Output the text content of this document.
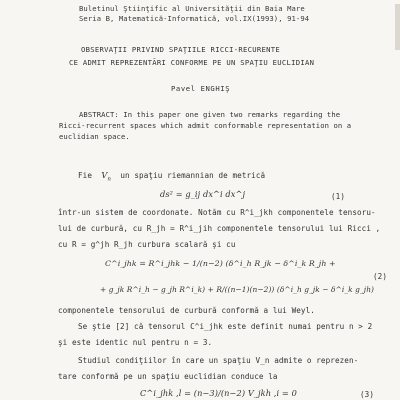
Buletinul Ştiinţific al Universităţii din Baia Mare
Seria B, Matematică-Informatică, vol.IX(1993), 91-94
OBSERVAŢII PRIVIND SPAŢIILE RICCI-RECURENTE
CE ADMIT REPREZENTĂRI CONFORME PE UN SPAŢIU EUCLIDIAN
Pavel ENGHIŞ
ABSTRACT: In this paper one given two remarks regarding the
Ricci-recurrent spaces which admit conformable representation on a
euclidian space.
Fie $V_n$ un spaţiu riemannian de metrică
ds² = g_ij dx^i dx^j	(1)
într-un sistem de coordonate. Notăm cu R^i_jkh componentele tensoru-
lui de curbură, cu R_jh = R^i_jih componentele tensorului lui Ricci ,
cu R = g^jh R_jh curbura scalară şi cu
C^i_jhk = R^i_jhk − 1/(n−2) (δ^i_h R_jk − δ^i_k R_jh +
+ g_jk R^i_h − g_jh R^i_k) + R/((n−1)(n−2)) (δ^i_h g_jk − δ^i_k g_jh)
(2)
componentele tensorului de curbură conformă a lui Weyl.
Se ştie [2] că tensorul C^i_jhk este definit numai pentru n > 2
şi este identic nul pentru n = 3.
Studiul condiţiilor în care un spaţiu V_n admite o reprezen-
tare conformă pe un spaţiu euclidian conduce la
C^i_jhk ,l = (n−3)/(n−2) V_jkh ,i = 0	(3)
